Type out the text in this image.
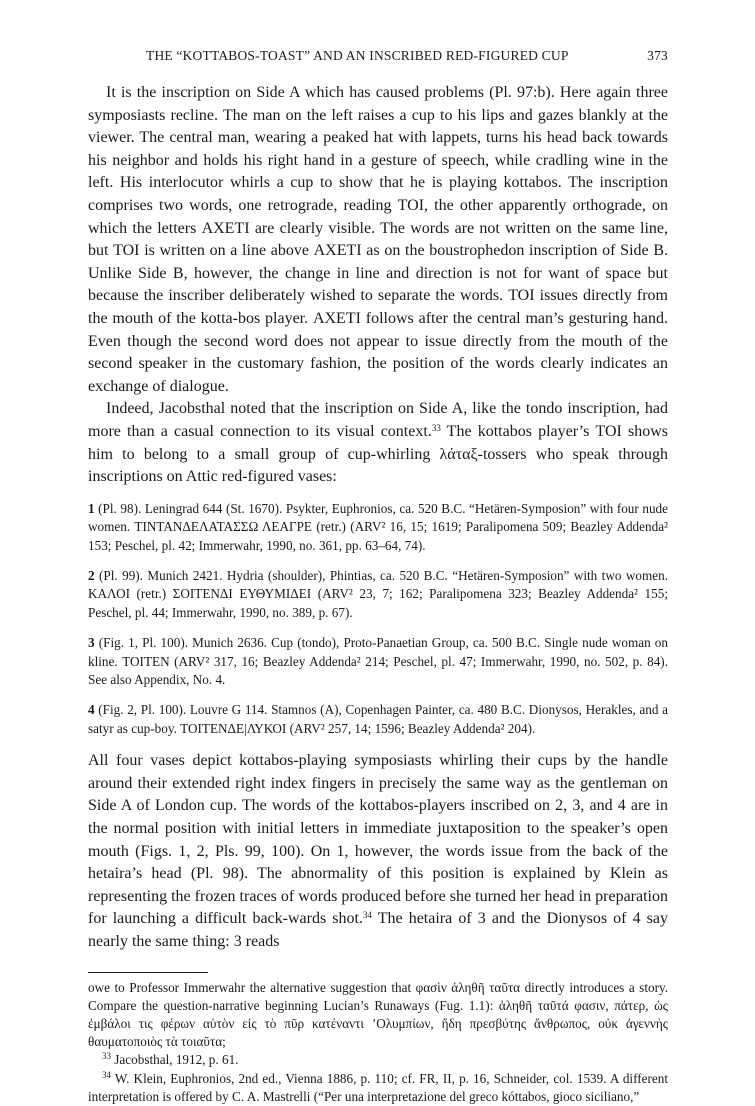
THE “KOTTABOS-TOAST” AND AN INSCRIBED RED-FIGURED CUP	373

It is the inscription on Side A which has caused problems (Pl. 97:b). Here again three symposiasts recline. The man on the left raises a cup to his lips and gazes blankly at the viewer. The central man, wearing a peaked hat with lappets, turns his head back towards his neighbor and holds his right hand in a gesture of speech, while cradling wine in the left. His interlocutor whirls a cup to show that he is playing kottabos. The inscription comprises two words, one retrograde, reading ΤΟΙ, the other apparently orthograde, on which the letters ΑΧΕΤΙ are clearly visible. The words are not written on the same line, but ΤΟΙ is written on a line above ΑΧΕΤΙ as on the boustrophedon inscription of Side B. Unlike Side B, however, the change in line and direction is not for want of space but because the inscriber deliberately wished to separate the words. ΤΟΙ issues directly from the mouth of the kotta-bos player. ΑΧΕΤΙ follows after the central man’s gesturing hand. Even though the second word does not appear to issue directly from the mouth of the second speaker in the customary fashion, the position of the words clearly indicates an exchange of dialogue.

Indeed, Jacobsthal noted that the inscription on Side A, like the tondo inscription, had more than a casual connection to its visual context.$^{33}$ The kottabos player’s ΤΟΙ shows him to belong to a small group of cup-whirling λάταξ-tossers who speak through inscriptions on Attic red-figured vases:

1 (Pl. 98). Leningrad 644 (St. 1670). Psykter, Euphronios, ca. 520 B.C. “Hetären-Symposion” with four nude women. ΤΙΝΤΑΝΔΕΛΑΤΑΣΣΩ ΛΕΑΓΡΕ (retr.) (ARV² 16, 15; 1619; Paralipomena 509; Beazley Addenda² 153; Peschel, pl. 42; Immerwahr, 1990, no. 361, pp. 63–64, 74).

2 (Pl. 99). Munich 2421. Hydria (shoulder), Phintias, ca. 520 B.C. “Hetären-Symposion” with two women. ΚΑΛΟΙ (retr.) ΣΟΙΤΕΝΔΙ ΕΥΘΥΜΙΔΕΙ (ARV² 23, 7; 162; Paralipomena 323; Beazley Addenda² 155; Peschel, pl. 44; Immerwahr, 1990, no. 389, p. 67).

3 (Fig. 1, Pl. 100). Munich 2636. Cup (tondo), Proto-Panaetian Group, ca. 500 B.C. Single nude woman on kline. ΤΟΙΤΕΝ (ARV² 317, 16; Beazley Addenda² 214; Peschel, pl. 47; Immerwahr, 1990, no. 502, p. 84). See also Appendix, No. 4.

4 (Fig. 2, Pl. 100). Louvre G 114. Stamnos (A), Copenhagen Painter, ca. 480 B.C. Dionysos, Herakles, and a satyr as cup-boy. ΤΟΙΤΕΝΔΕ|ΛΥΚΟΙ (ARV² 257, 14; 1596; Beazley Addenda² 204).

All four vases depict kottabos-playing symposiasts whirling their cups by the handle around their extended right index fingers in precisely the same way as the gentleman on Side A of London cup. The words of the kottabos-players inscribed on 2, 3, and 4 are in the normal position with initial letters in immediate juxtaposition to the speaker’s open mouth (Figs. 1, 2, Pls. 99, 100). On 1, however, the words issue from the back of the hetaira’s head (Pl. 98). The abnormality of this position is explained by Klein as representing the frozen traces of words produced before she turned her head in preparation for launching a difficult back-wards shot.$^{34}$ The hetaira of 3 and the Dionysos of 4 say nearly the same thing: 3 reads

owe to Professor Immerwahr the alternative suggestion that φασὶν ἀληθῆ ταῦτα directly introduces a story. Compare the question-narrative beginning Lucian’s Runaways (Fug. 1.1): ἀληθῆ ταῦτά φασιν, πάτερ, ὡς ἐμβάλοι τις φέρων αὑτὸν εἰς τὸ πῦρ κατέναντι ’Ολυμπίων, ἤδη πρεσβύτης ἄνθρωπος, οὐκ ἀγεννὴς θαυματοποιὸς τὰ τοιαῦτα;

$^{33}$ Jacobsthal, 1912, p. 61.

$^{34}$ W. Klein, Euphronios, 2nd ed., Vienna 1886, p. 110; cf. FR, II, p. 16, Schneider, col. 1539. A different interpretation is offered by C. A. Mastrelli (“Per una interpretazione del greco kóttabos, gioco siciliano,”
